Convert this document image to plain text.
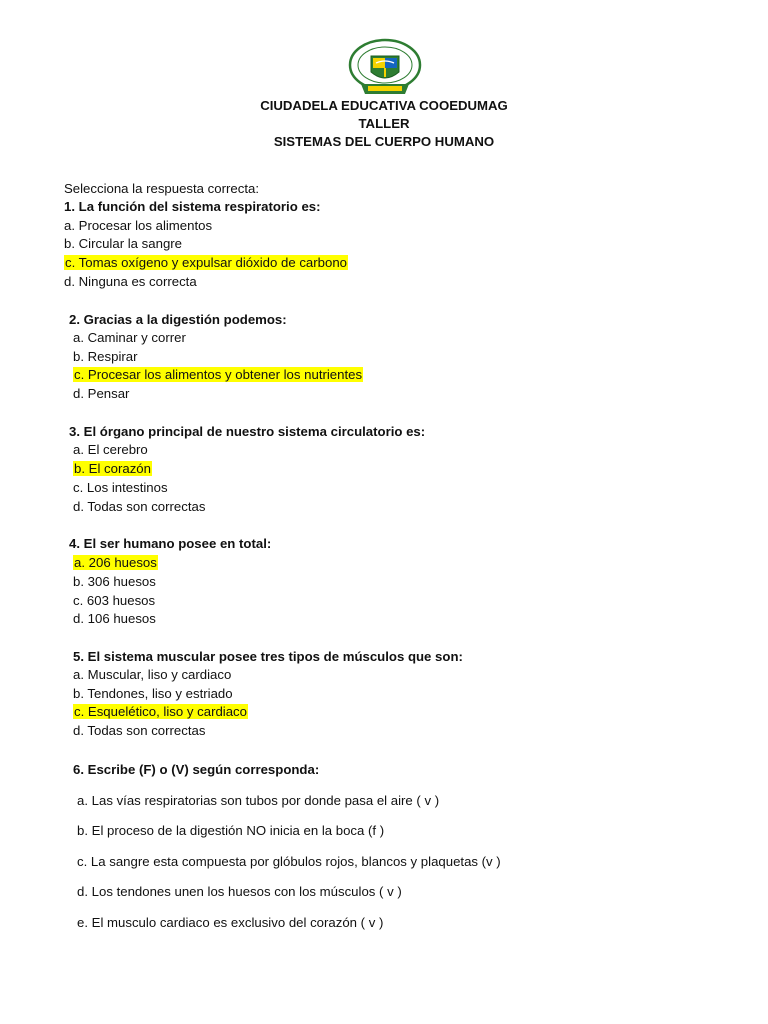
CIUDADELA EDUCATIVA COOEDUMAG
TALLER
SISTEMAS DEL CUERPO HUMANO
Selecciona la respuesta correcta:
1. La función del sistema respiratorio es:
a. Procesar los alimentos
b. Circular la sangre
c. Tomas oxígeno y expulsar dióxido de carbono
d. Ninguna es correcta
2. Gracias a la digestión podemos:
a. Caminar y correr
b. Respirar
c. Procesar los alimentos y obtener los nutrientes
d. Pensar
3. El órgano principal de nuestro sistema circulatorio es:
a. El cerebro
b. El corazón
c. Los intestinos
d. Todas son correctas
4. El ser humano posee en total:
a. 206 huesos
b. 306 huesos
c. 603 huesos
d. 106 huesos
5. El sistema muscular posee tres tipos de músculos que son:
a. Muscular, liso y cardiaco
b. Tendones, liso y estriado
c. Esquelético, liso y cardiaco
d. Todas son correctas
6. Escribe (F) o (V) según corresponda:
a. Las vías respiratorias son tubos por donde pasa el aire ( v )
b. El proceso de la digestión NO inicia en la boca (f )
c. La sangre esta compuesta por glóbulos rojos, blancos y plaquetas (v )
d. Los tendones unen los huesos con los músculos ( v )
e. El musculo cardiaco es exclusivo del corazón ( v )
